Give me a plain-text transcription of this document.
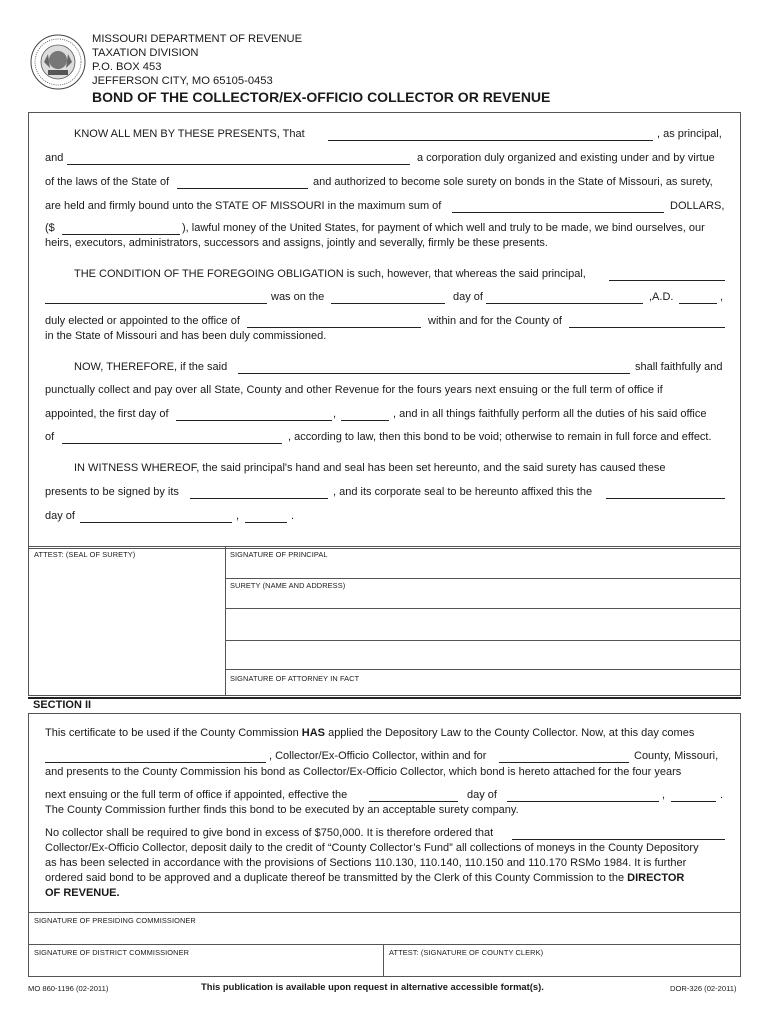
MISSOURI DEPARTMENT OF REVENUE
TAXATION DIVISION
P.O. BOX 453
JEFFERSON CITY, MO 65105-0453
BOND OF THE COLLECTOR/EX-OFFICIO COLLECTOR OR REVENUE
KNOW ALL MEN BY THESE PRESENTS, That	, as principal,
and	a corporation duly organized and existing under and by virtue
of the laws of the State of	and authorized to become sole surety on bonds in the State of Missouri, as surety,
are held and firmly bound unto the STATE OF MISSOURI in the maximum sum of	DOLLARS,
($	), lawful money of the United States, for payment of which well and truly to be made, we bind ourselves, our
heirs, executors, administrators, successors and assigns, jointly and severally, firmly be these presents.
THE CONDITION OF THE FOREGOING OBLIGATION is such, however, that whereas the said principal,
was on the	day of	,A.D.	,
duly elected or appointed to the office of	within and for the County of
in the State of Missouri and has been duly commissioned.
NOW, THEREFORE, if the said	shall faithfully and
punctually collect and pay over all State, County and other Revenue for the fours years next ensuing or the full term of office if
appointed, the first day of	,	, and in all things faithfully perform all the duties of his said office
of	, according to law, then this bond to be void; otherwise to remain in full force and effect.
IN WITNESS WHEREOF, the said principal's hand and seal has been set hereunto, and the said surety has caused these
presents to be signed by its	, and its corporate seal to be hereunto affixed this the
day of	,	.
ATTEST: (SEAL OF SURETY)	SIGNATURE OF PRINCIPAL
SURETY (NAME AND ADDRESS)
SIGNATURE OF ATTORNEY IN FACT
SECTION II
This certificate to be used if the County Commission HAS applied the Depository Law to the County Collector. Now, at this day comes
, Collector/Ex-Officio Collector, within and for	County, Missouri,
and presents to the County Commission his bond as Collector/Ex-Officio Collector, which bond is hereto attached for the four years
next ensuing or the full term of office if appointed, effective the	day of	,	.
The County Commission further finds this bond to be executed by an acceptable surety company.
No collector shall be required to give bond in excess of $750,000. It is therefore ordered that
Collector/Ex-Officio Collector, deposit daily to the credit of “County Collector’s Fund” all collections of moneys in the County Depository
as has been selected in accordance with the provisions of Sections 110.130, 110.140, 110.150 and 110.170 RSMo 1984. It is further
ordered said bond to be approved and a duplicate thereof be transmitted by the Clerk of this County Commission to the DIRECTOR
OF REVENUE.
SIGNATURE OF PRESIDING COMMISSIONER
SIGNATURE OF DISTRICT COMMISSIONER	ATTEST: (SIGNATURE OF COUNTY CLERK)
MO 860-1196 (02-2011)	This publication is available upon request in alternative accessible format(s).	DOR-326 (02-2011)
